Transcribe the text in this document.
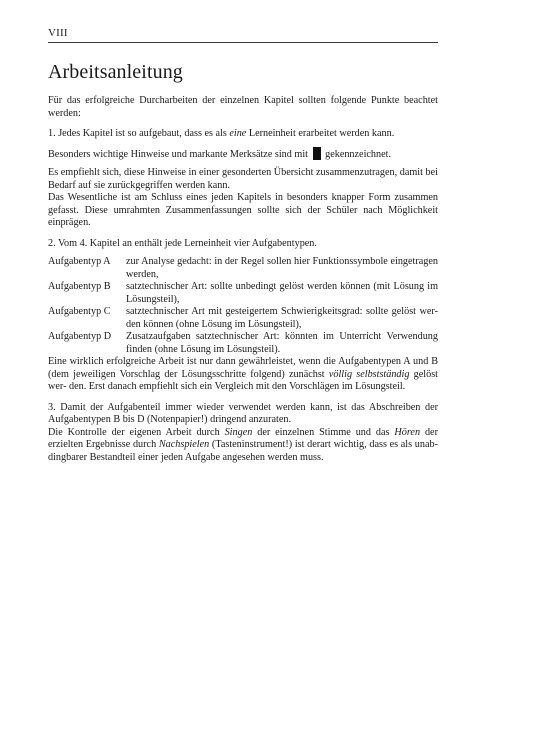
VIII
Arbeitsanleitung

Für das erfolgreiche Durcharbeiten der einzelnen Kapitel sollten folgende Punkte beachtet werden:

1. Jedes Kapitel ist so aufgebaut, dass es als eine Lerneinheit erarbeitet werden kann.

Besonders wichtige Hinweise und markante Merksätze sind mit gekennzeichnet.

Es empfiehlt sich, diese Hinweise in einer gesonderten Übersicht zusammenzutragen, damit bei Bedarf auf sie zurückgegriffen werden kann.

Das Wesentliche ist am Schluss eines jeden Kapitels in besonders knapper Form zusammen gefasst. Diese umrahmten Zusammenfassungen sollte sich der Schüler nach Möglichkeit einprägen.

2. Vom 4. Kapitel an enthält jede Lerneinheit vier Aufgabentypen.

Aufgabentyp A	zur Analyse gedacht: in der Regel sollen hier Funktionssymbole eingetragen werden,
Aufgabentyp B	satztechnischer Art: sollte unbedingt gelöst werden können (mit Lösung im Lösungsteil),
Aufgabentyp C	satztechnischer Art mit gesteigertem Schwierigkeitsgrad: sollte gelöst wer- den können (ohne Lösung im Lösungsteil),
Aufgabentyp D	Zusatzaufgaben satztechnischer Art: könnten im Unterricht Verwendung finden (ohne Lösung im Lösungsteil).

Eine wirklich erfolgreiche Arbeit ist nur dann gewährleistet, wenn die Aufgabentypen A und B (dem jeweiligen Vorschlag der Lösungsschritte folgend) zunächst völlig selbstständig gelöst wer- den. Erst danach empfiehlt sich ein Vergleich mit den Vorschlägen im Lösungsteil.

3. Damit der Aufgabenteil immer wieder verwendet werden kann, ist das Abschreiben der Aufgabentypen B bis D (Notenpapier!) dringend anzuraten.

Die Kontrolle der eigenen Arbeit durch Singen der einzelnen Stimme und das Hören der erzielten Ergebnisse durch Nachspielen (Tasteninstrument!) ist derart wichtig, dass es als unab- dingbarer Bestandteil einer jeden Aufgabe angesehen werden muss.
